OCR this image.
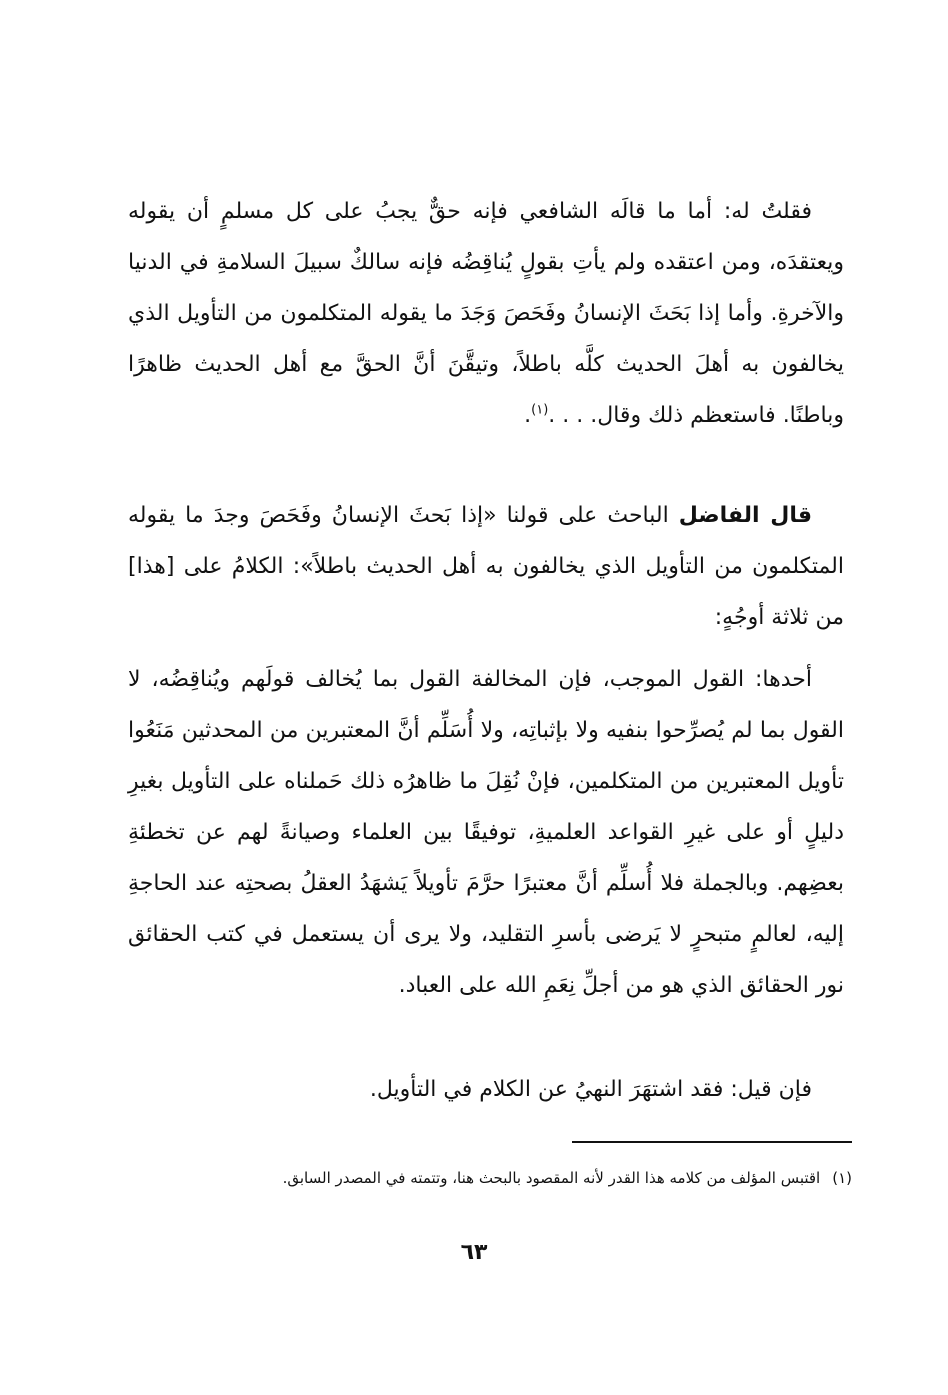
فقلتُ له: أما ما قالَه الشافعي فإنه حقٌّ يجبُ على كل مسلمٍ أن يقوله ويعتقدَه، ومن اعتقده ولم يأتِ بقولٍ يُناقِضُه فإنه سالكٌ سبيلَ السلامةِ في الدنيا والآخرةِ. وأما إذا بَحَثَ الإنسانُ وفَحَصَ وَجَدَ ما يقوله المتكلمون من التأويل الذي يخالفون به أهلَ الحديث كلَّه باطلاً، وتيقَّنَ أنَّ الحقَّ مع أهل الحديث ظاهرًا وباطنًا. فاستعظم ذلك وقال. . . .$^{(١)}$.

قال الفاضل الباحث على قولنا «إذا بَحثَ الإنسانُ وفَحَصَ وجدَ ما يقوله المتكلمون من التأويل الذي يخالفون به أهل الحديث باطلاً»: الكلامُ على [هذا] من ثلاثة أوجُهٍ:

أحدها: القول الموجب، فإن المخالفة القول بما يُخالف قولَهم ويُناقِضُه، لا القول بما لم يُصرِّحوا بنفيه ولا بإثباتِه، ولا أُسَلِّم أنَّ المعتبرين من المحدثين مَنَعُوا تأويل المعتبرين من المتكلمين، فإنْ نُقِلَ ما ظاهرُه ذلك حَملناه على التأويل بغيرِ دليلٍ أو على غيرِ القواعد العلميةِ، توفيقًا بين العلماء وصيانةً لهم عن تخطئةِ بعضِهم. وبالجملة فلا أُسلِّم أنَّ معتبرًا حرَّمَ تأويلاً يَشهَدُ العقلُ بصحتِه عند الحاجةِ إليه، لعالمٍ متبحرٍ لا يَرضى بأسرِ التقليد، ولا يرى أن يستعمل في كتب الحقائق نور الحقائق الذي هو من أجلِّ نِعَمِ الله على العباد.

فإن قيل: فقد اشتهَرَ النهيُ عن الكلام في التأويل.

(١)اقتبس المؤلف من كلامه هذا القدر لأنه المقصود بالبحث هنا، وتتمته في المصدر السابق.
٦٣
